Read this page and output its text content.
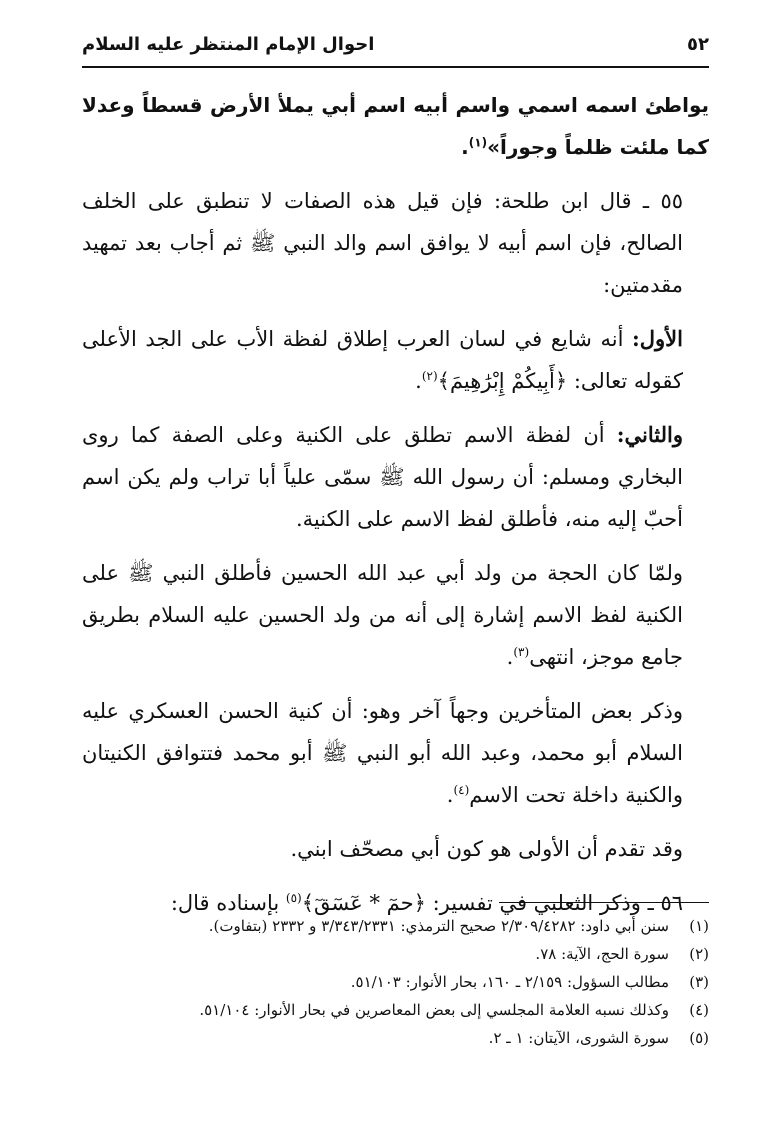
٥٢
احوال الإمام المنتظر عليه السلام

يواطئ اسمه اسمي واسم أبيه اسم أبي يملأ الأرض قسطاً وعدلا كما ملئت ظلماً وجوراً»$^{(١)}$.

٥٥ ـ قال ابن طلحة: فإن قيل هذه الصفات لا تنطبق على الخلف الصالح، فإن اسم أبيه لا يوافق اسم والد النبي ﷺ ثم أجاب بعد تمهيد مقدمتين:

الأول: أنه شايع في لسان العرب إطلاق لفظة الأب على الجد الأعلى كقوله تعالى: ﴿أَبِيكُمْ إِبْرَٰهِيمَ﴾$^{(٢)}$.

والثاني: أن لفظة الاسم تطلق على الكنية وعلى الصفة كما روى البخاري ومسلم: أن رسول الله ﷺ سمّى علياً أبا تراب ولم يكن اسم أحبّ إليه منه، فأطلق لفظ الاسم على الكنية.

ولمّا كان الحجة من ولد أبي عبد الله الحسين فأطلق النبي ﷺ على الكنية لفظ الاسم إشارة إلى أنه من ولد الحسين عليه السلام بطريق جامع موجز، انتهى$^{(٣)}$.

وذكر بعض المتأخرين وجهاً آخر وهو: أن كنية الحسن العسكري عليه السلام أبو محمد، وعبد الله أبو النبي ﷺ أبو محمد فتتوافق الكنيتان والكنية داخلة تحت الاسم$^{(٤)}$.

وقد تقدم أن الأولى هو كون أبي مصحّف ابني.

٥٦ ـ وذكر الثعلبي في تفسير: ﴿حمٓ * عٓسٓقٓ﴾$^{(٥)}$ بإسناده قال:

(١)
سنن أبي داود: ٢/٣٠٩/٤٢٨٢ صحيح الترمذي: ٣/٣٤٣/٢٣٣١ و ٢٣٣٢ (بتفاوت).
(٢)
سورة الحج، الآية: ٧٨.
(٣)
مطالب السؤول: ٢/١٥٩ ـ ١٦٠، بحار الأنوار: ٥١/١٠٣.
(٤)
وكذلك نسبه العلامة المجلسي إلى بعض المعاصرين في بحار الأنوار: ٥١/١٠٤.
(٥)
سورة الشورى، الآيتان: ١ ـ ٢.
